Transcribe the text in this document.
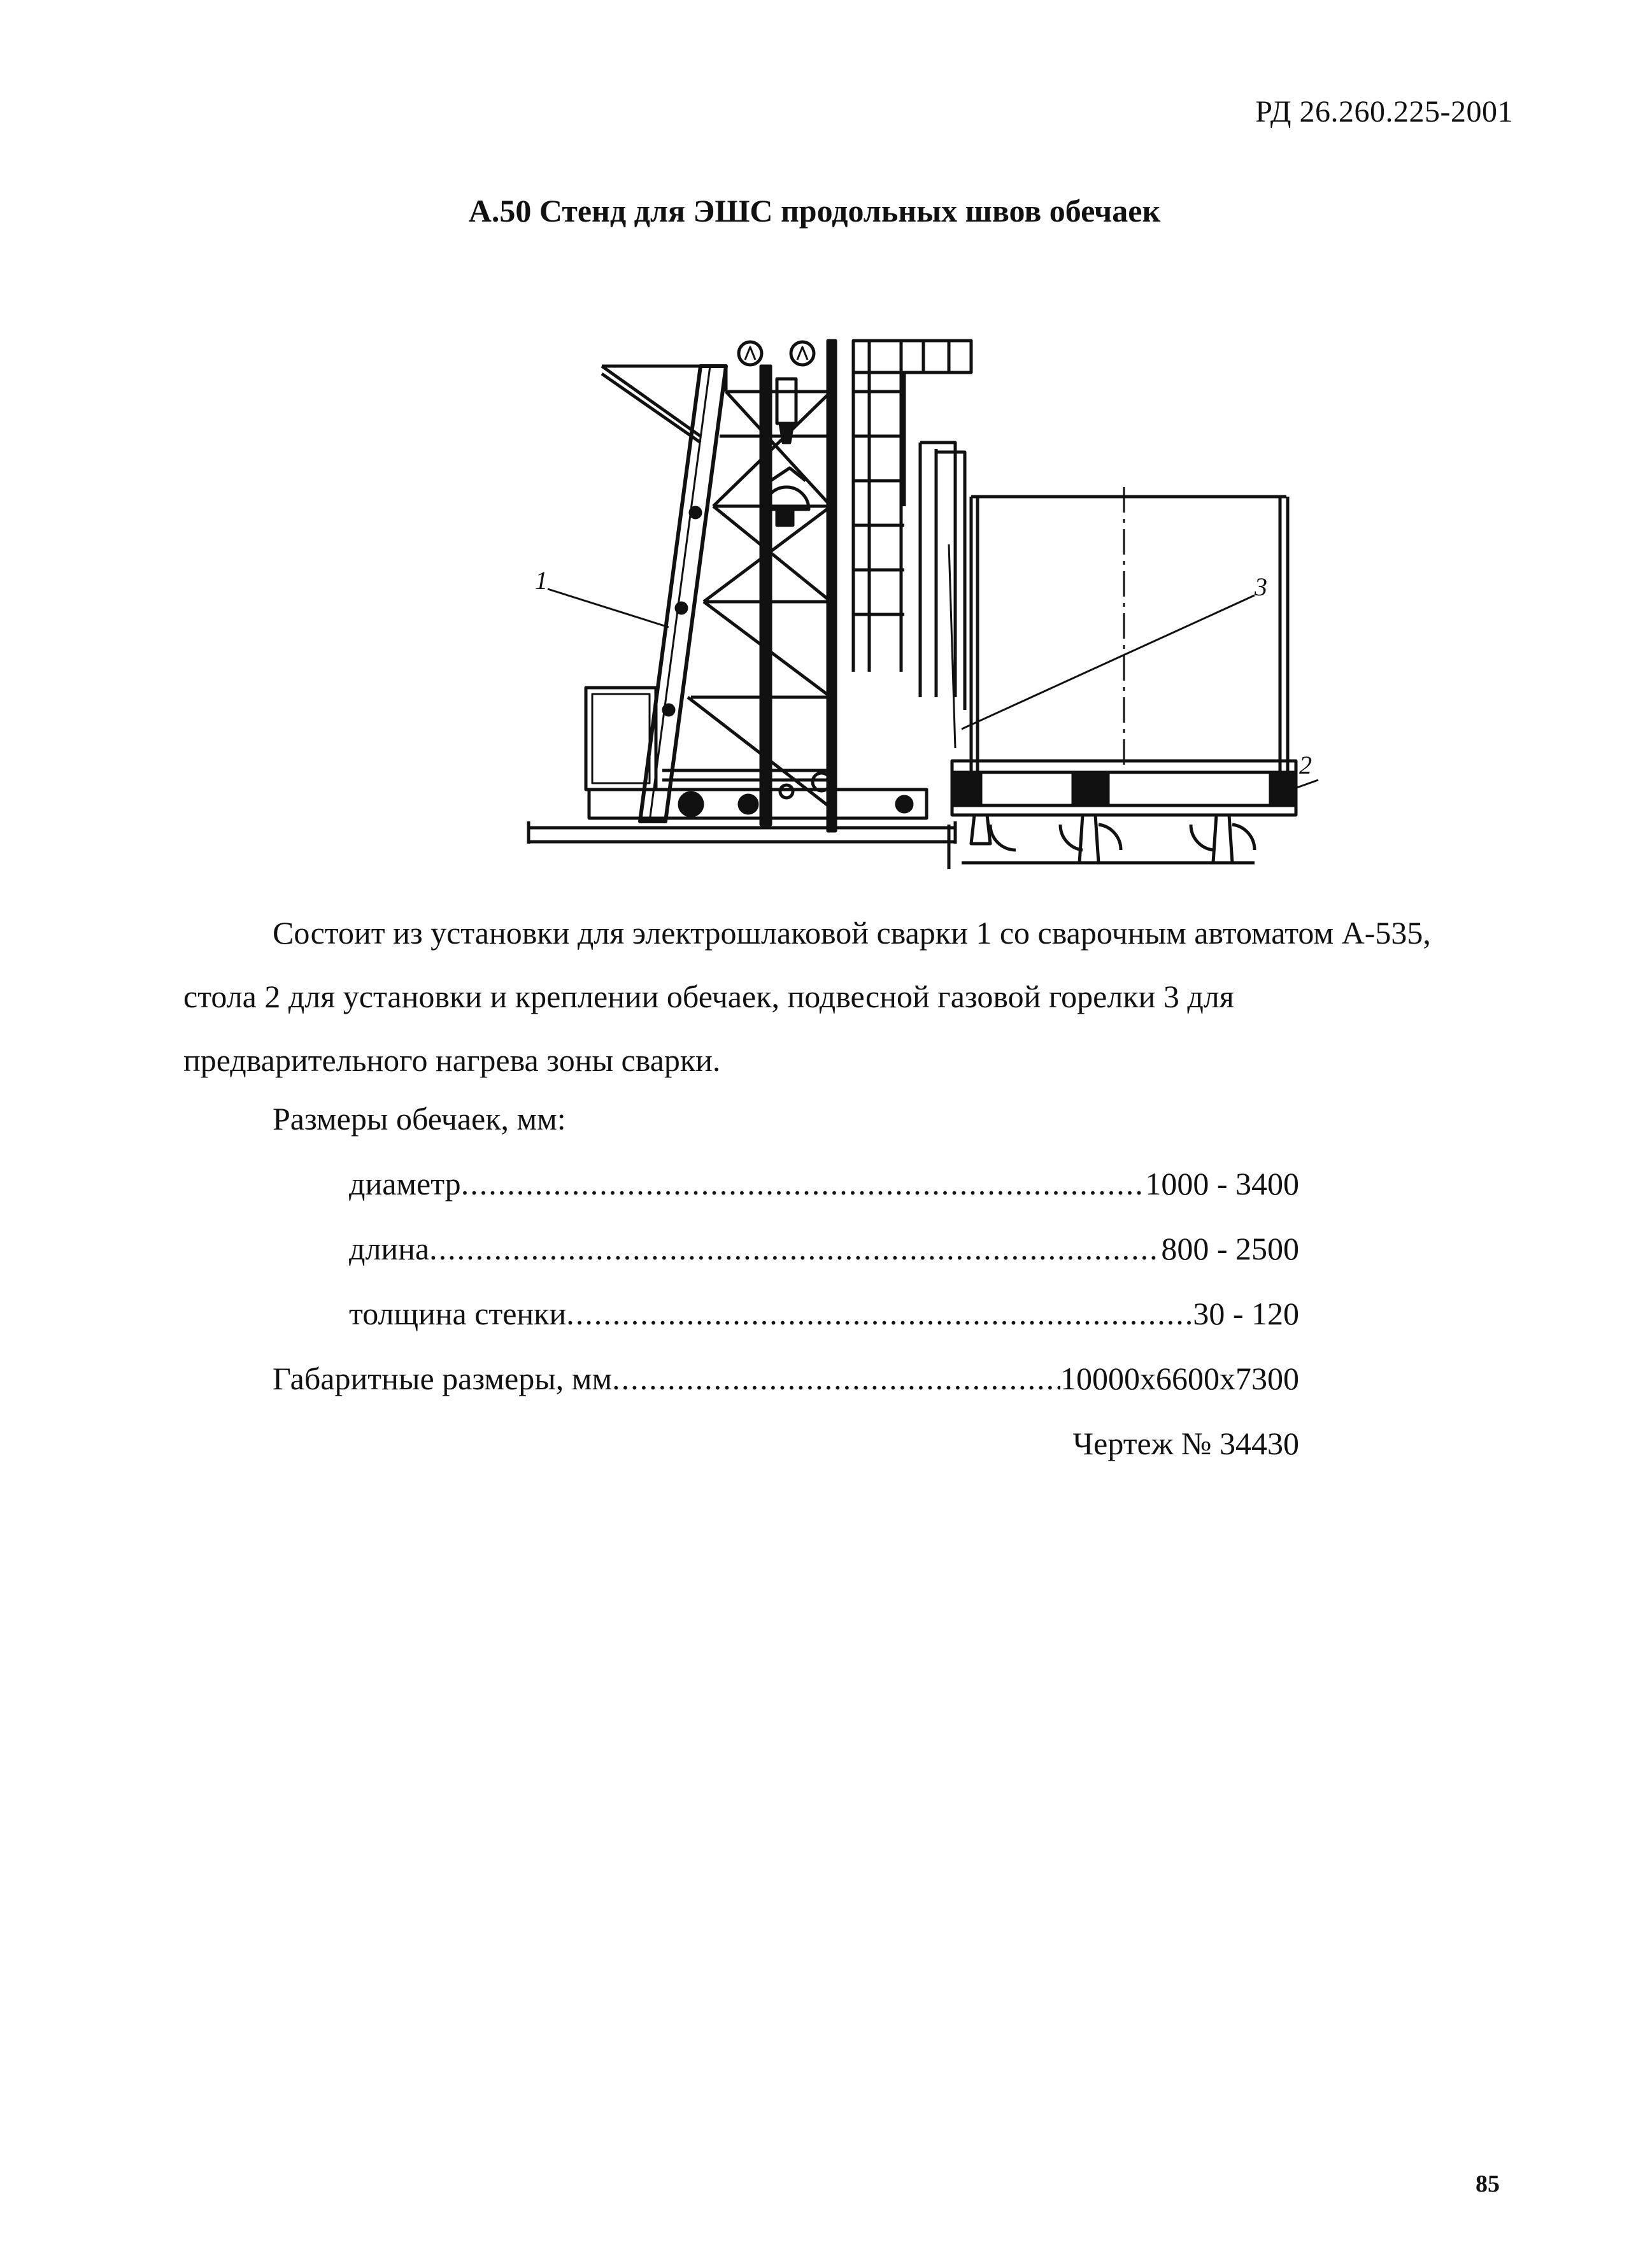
РД 26.260.225-2001
А.50 Стенд для ЭШС продольных швов обечаек
1	3
2
Состоит из установки для электрошлаковой сварки 1 со сварочным автоматом А-535, стола 2 для установки и креплении обечаек, подвесной газовой горелки 3 для предварительного нагрева зоны сварки.
Размеры обечаек, мм:
диаметр .....	1000 - 3400
длина .....	800 - 2500
толщина стенки .....	30 - 120
Габаритные размеры, мм .....	10000х6600х7300
Чертеж № 34430
85
